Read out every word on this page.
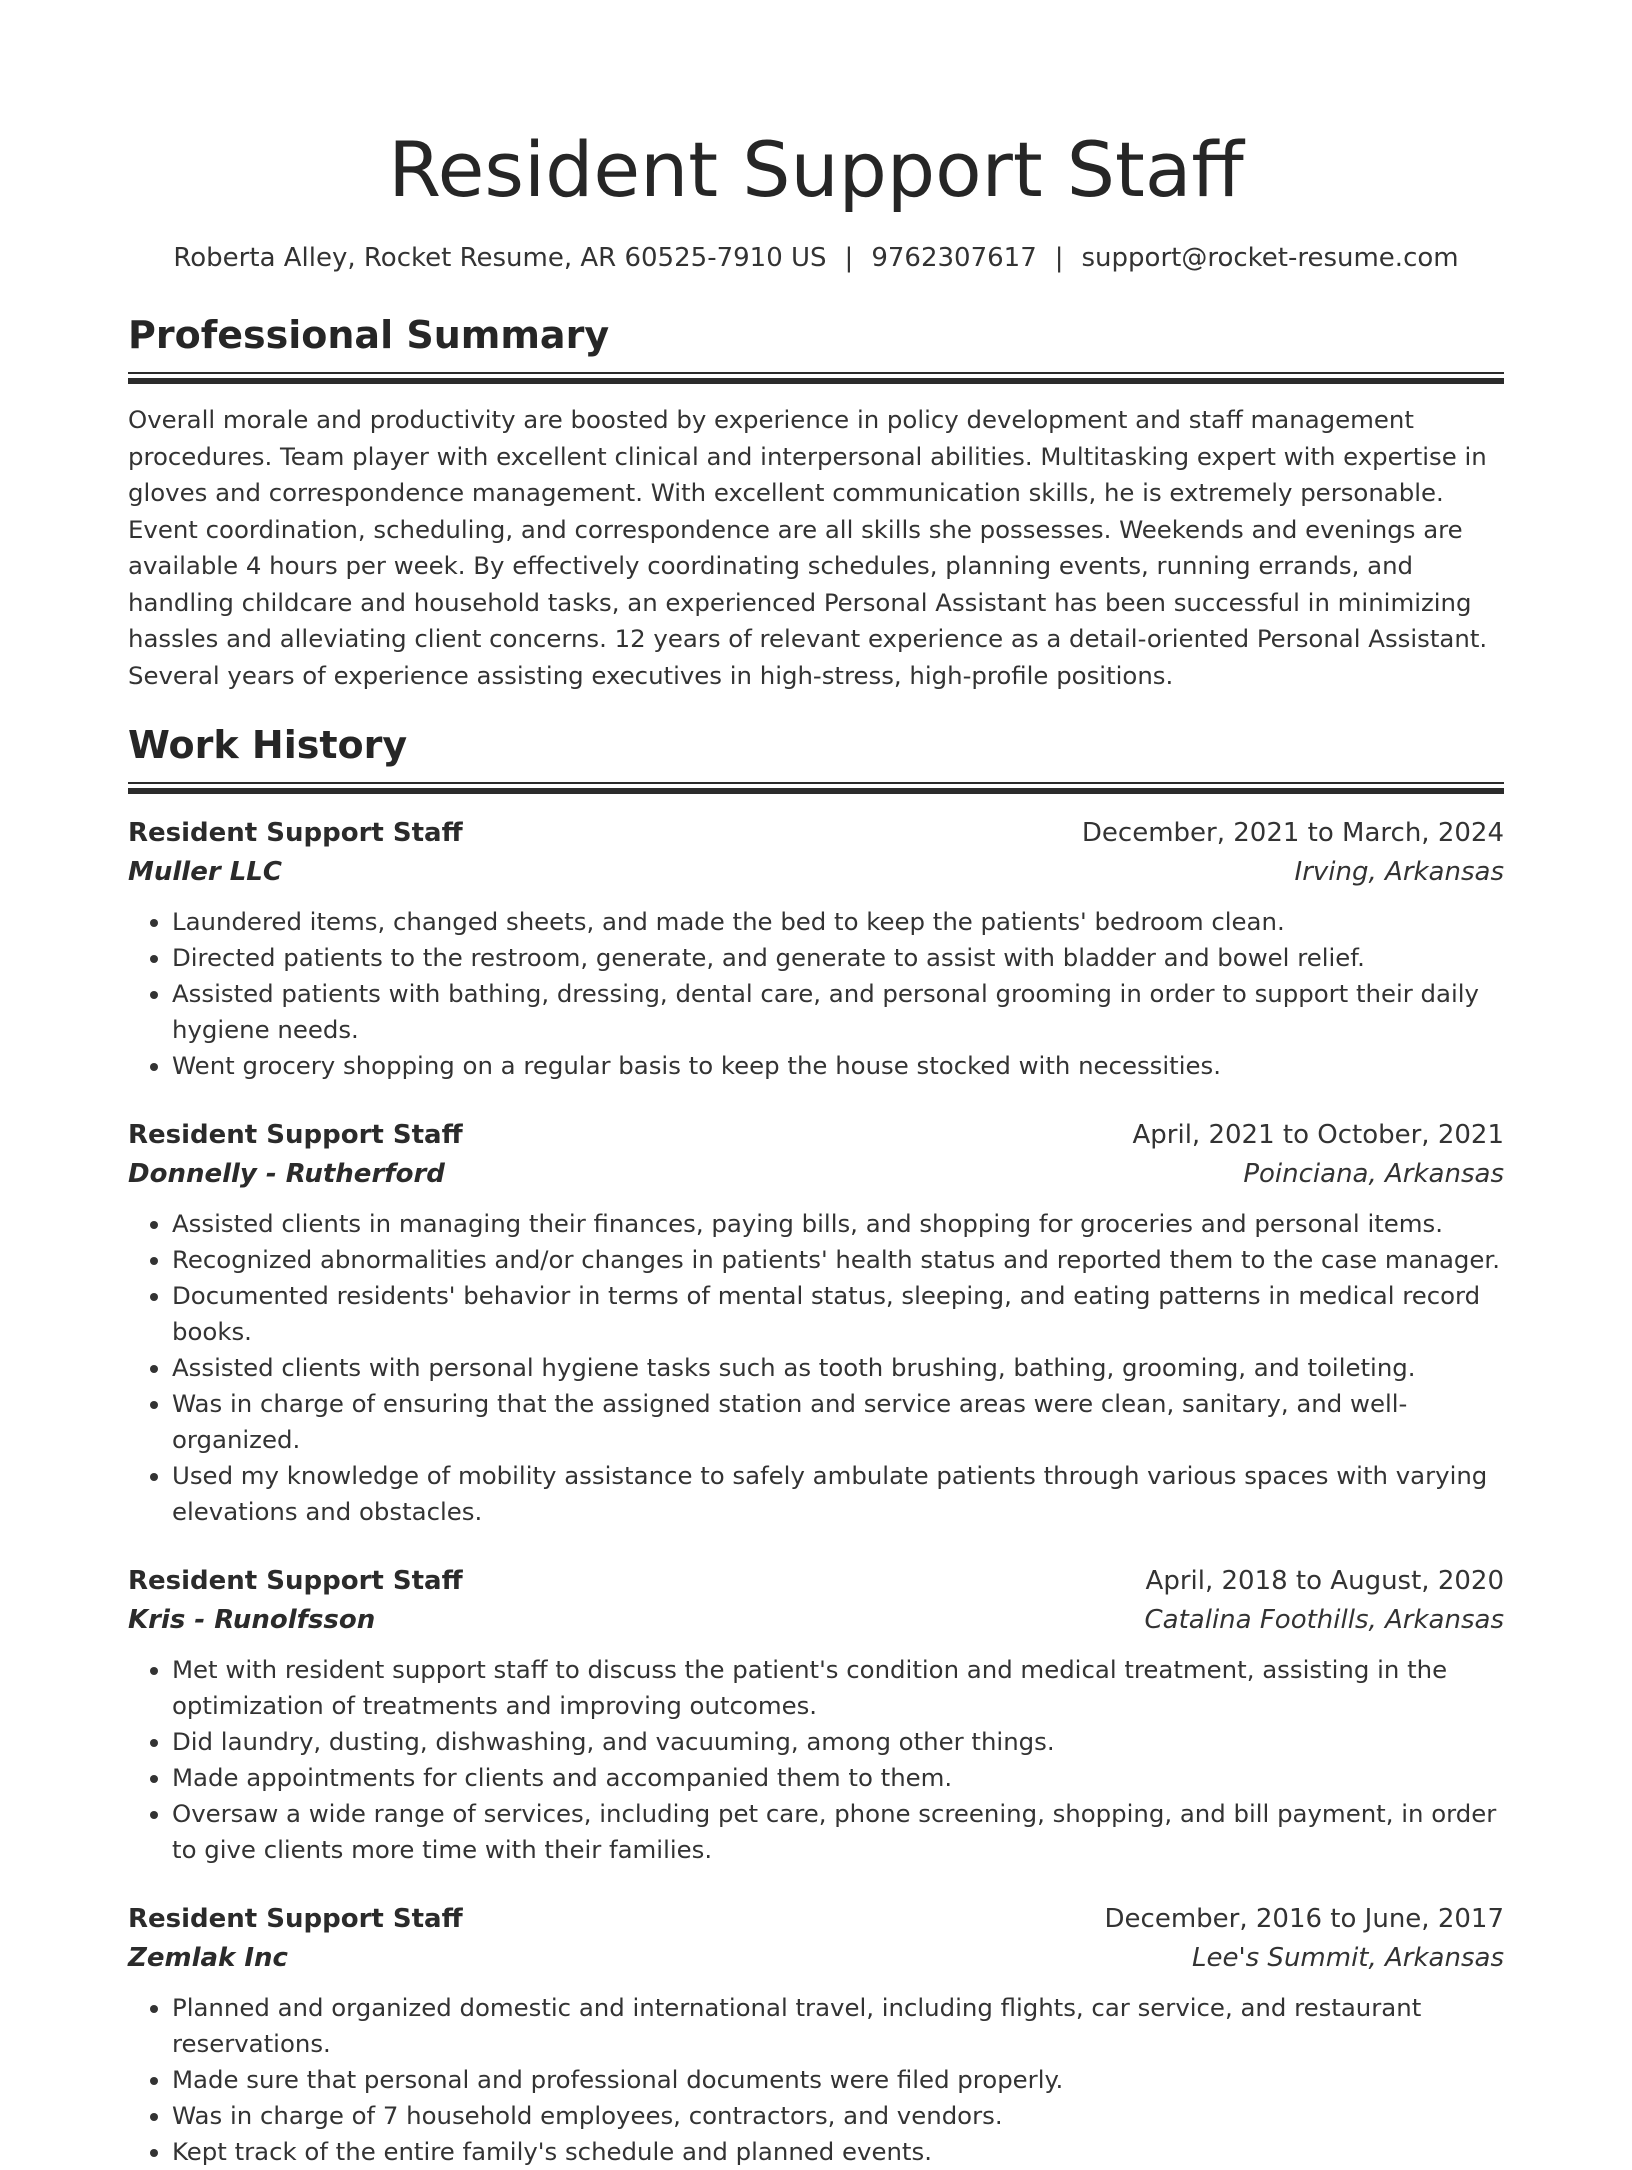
Resident Support Staff
Roberta Alley, Rocket Resume, AR 60525-7910 US | 9762307617 | support@rocket-resume.com
Professional Summary
Overall morale and productivity are boosted by experience in policy development and staff management procedures. Team player with excellent clinical and interpersonal abilities. Multitasking expert with expertise in gloves and correspondence management. With excellent communication skills, he is extremely personable. Event coordination, scheduling, and correspondence are all skills she possesses. Weekends and evenings are available 4 hours per week. By effectively coordinating schedules, planning events, running errands, and handling childcare and household tasks, an experienced Personal Assistant has been successful in minimizing hassles and alleviating client concerns. 12 years of relevant experience as a detail-oriented Personal Assistant. Several years of experience assisting executives in high-stress, high-profile positions.
Work History
Resident Support Staff	December, 2021 to March, 2024
Muller LLC	Irving, Arkansas
• Laundered items, changed sheets, and made the bed to keep the patients' bedroom clean.
• Directed patients to the restroom, generate, and generate to assist with bladder and bowel relief.
• Assisted patients with bathing, dressing, dental care, and personal grooming in order to support their daily hygiene needs.
• Went grocery shopping on a regular basis to keep the house stocked with necessities.
Resident Support Staff	April, 2021 to October, 2021
Donnelly - Rutherford	Poinciana, Arkansas
• Assisted clients in managing their finances, paying bills, and shopping for groceries and personal items.
• Recognized abnormalities and/or changes in patients' health status and reported them to the case manager.
• Documented residents' behavior in terms of mental status, sleeping, and eating patterns in medical record books.
• Assisted clients with personal hygiene tasks such as tooth brushing, bathing, grooming, and toileting.
• Was in charge of ensuring that the assigned station and service areas were clean, sanitary, and well-organized.
• Used my knowledge of mobility assistance to safely ambulate patients through various spaces with varying elevations and obstacles.
Resident Support Staff	April, 2018 to August, 2020
Kris - Runolfsson	Catalina Foothills, Arkansas
• Met with resident support staff to discuss the patient's condition and medical treatment, assisting in the optimization of treatments and improving outcomes.
• Did laundry, dusting, dishwashing, and vacuuming, among other things.
• Made appointments for clients and accompanied them to them.
• Oversaw a wide range of services, including pet care, phone screening, shopping, and bill payment, in order to give clients more time with their families.
Resident Support Staff	December, 2016 to June, 2017
Zemlak Inc	Lee's Summit, Arkansas
• Planned and organized domestic and international travel, including flights, car service, and restaurant reservations.
• Made sure that personal and professional documents were filed properly.
• Was in charge of 7 household employees, contractors, and vendors.
• Kept track of the entire family's schedule and planned events.
